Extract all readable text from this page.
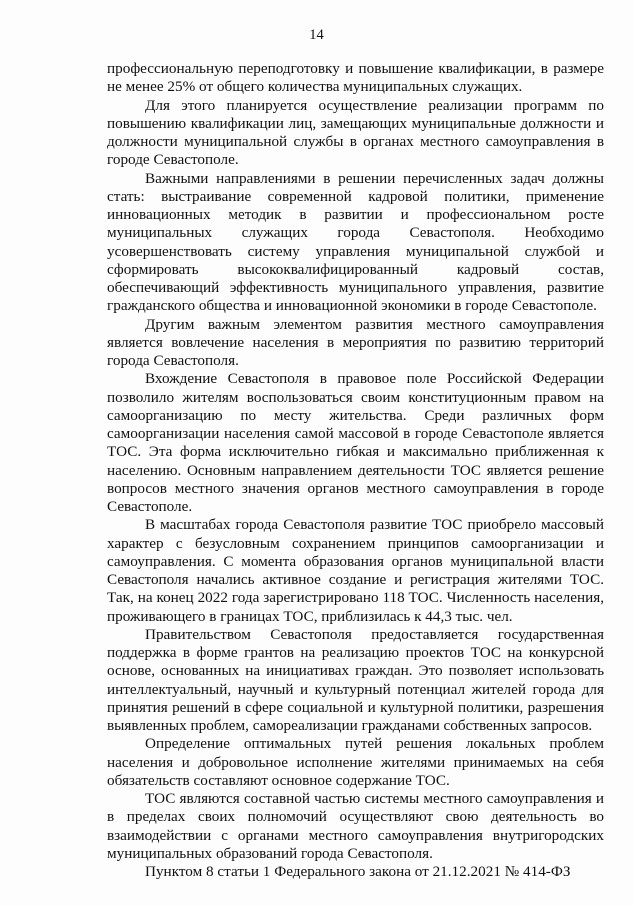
14

профессиональную переподготовку и повышение квалификации, в размере не менее 25% от общего количества муниципальных служащих.

Для этого планируется осуществление реализации программ по повышению квалификации лиц, замещающих муниципальные должности и должности муниципальной службы в органах местного самоуправления в городе Севастополе.

Важными направлениями в решении перечисленных задач должны стать: выстраивание современной кадровой политики, применение инновационных методик в развитии и профессиональном росте муниципальных служащих города Севастополя. Необходимо усовершенствовать систему управления муниципальной службой и сформировать высококвалифицированный кадровый состав, обеспечивающий эффективность муниципального управления, развитие гражданского общества и инновационной экономики в городе Севастополе.

Другим важным элементом развития местного самоуправления является вовлечение населения в мероприятия по развитию территорий города Севастополя.

Вхождение Севастополя в правовое поле Российской Федерации позволило жителям воспользоваться своим конституционным правом на самоорганизацию по месту жительства. Среди различных форм самоорганизации населения самой массовой в городе Севастополе является ТОС. Эта форма исключительно гибкая и максимально приближенная к населению. Основным направлением деятельности ТОС является решение вопросов местного значения органов местного самоуправления в городе Севастополе.

В масштабах города Севастополя развитие ТОС приобрело массовый характер с безусловным сохранением принципов самоорганизации и самоуправления. С момента образования органов муниципальной власти Севастополя начались активное создание и регистрация жителями ТОС. Так, на конец 2022 года зарегистрировано 118 ТОС. Численность населения, проживающего в границах ТОС, приблизилась к 44,3 тыс. чел.

Правительством Севастополя предоставляется государственная поддержка в форме грантов на реализацию проектов ТОС на конкурсной основе, основанных на инициативах граждан. Это позволяет использовать интеллектуальный, научный и культурный потенциал жителей города для принятия решений в сфере социальной и культурной политики, разрешения выявленных проблем, самореализации гражданами собственных запросов.

Определение оптимальных путей решения локальных проблем населения и добровольное исполнение жителями принимаемых на себя обязательств составляют основное содержание ТОС.

ТОС являются составной частью системы местного самоуправления и в пределах своих полномочий осуществляют свою деятельность во взаимодействии с органами местного самоуправления внутригородских муниципальных образований города Севастополя.

Пунктом 8 статьи 1 Федерального закона от 21.12.2021 № 414-ФЗ
